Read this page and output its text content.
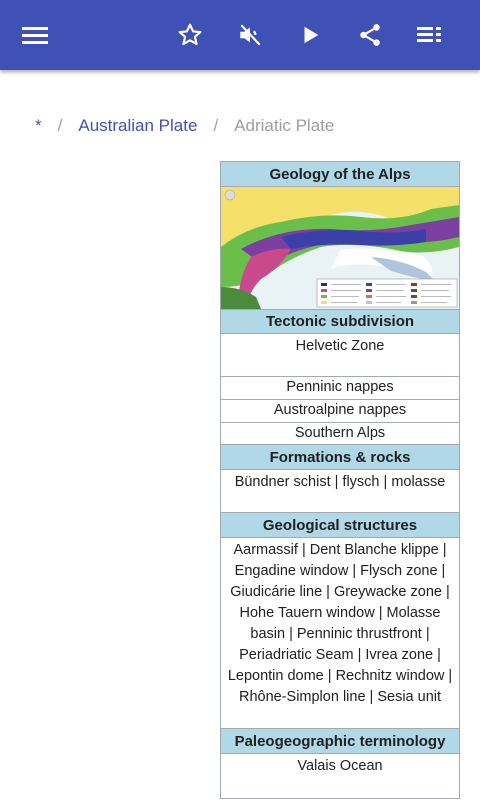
* / Australian Plate / Adriatic Plate
Geology of the Alps
Tectonic subdivision
Helvetic Zone
Penninic nappes
Austroalpine nappes
Southern Alps
Formations & rocks
Bündner schist | flysch | molasse
Geological structures
Aarmassif | Dent Blanche klippe | Engadine window | Flysch zone | Giudicárie line | Greywacke zone | Hohe Tauern window | Molasse basin | Penninic thrustfront | Periadriatic Seam | Ivrea zone | Lepontin dome | Rechnitz window | Rhône-Simplon line | Sesia unit
Paleogeographic terminology
Valais Ocean
